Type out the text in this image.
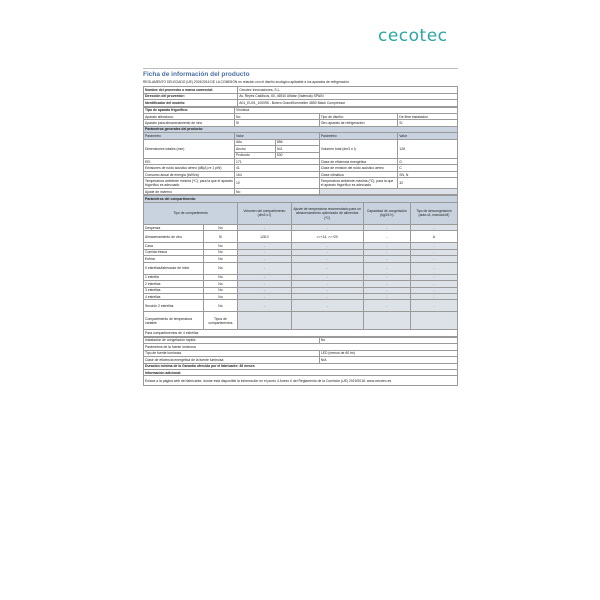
cecotec
Ficha de información del producto
REGLAMENTO DELEGADO (UE) 2019/2016 DE LA COMISIÓN en relación con el diseño ecológico aplicable a los aparatos de refrigeración.
Nombre del proveedor o marca comercial:	Cecotec Innovaciones, S.L.
Dirección del proveedor:	Av. Reyes Católicos, 60, 46910 Alfafar (Valencia) SPAIN
Identificador del modelo:	A01_EU01_100095 - Bolero GrandSommelier 4850 Black Compressor
Tipo de aparato frigorífico:	Vinoteca			
Aparato silencioso:	No		Tipo de diseño:	De libre instalación
Aparato para almacenamiento de vino	Sí		Otro aparato de refrigeración:	Sí
Parámetros generales del producto:				
Parámetro	Valor		Parámetro	Valor
Dimensiones totales (mm)	Alto	856	Volumen total (dm3 o l)	128
	Ancho	541		
	Profundo	530		
EEI	171		Clase de eficiencia energética	G
Emisiones de ruido acústico aéreo (dB(A) re 1 pW)	41		Clase de emisión del ruido acústico aéreo	C
Consumo anual de energía (kWh/a)	164		Clase climática	SN, N
Temperatura ambiente mínima (ºC), para la que el aparato frigorífico es adecuado	10		Temperatura ambiente máxima (ºC), para la que el aparato frigorífico es adecuado	32
Ajuste de invierno	No			
Parámetros del compartimento:					
Tipo de compartimento		Volumen del compartimento (dm3 o l)	Ajuste de temperatura recomendado para un almacenamiento optimizado de alimentos (ºC)	Capacidad de congelación (kg/24 h)	Tipo de descongelación (auto=A, manual=M)
Despensa	No	-	-	-	-
Almacenamiento de vino	Sí	128.0	<=+14, >=+20	-	A
Cava	No	-	-	-	-
Comida fresca	No	-	-	-	-
Enfriar	No	-	-	-	-
0 estrellas/fabricador de hielo	No	-	-	-	-
1 estrella	No	-	-	-	-
2 estrellas	No	-	-	-	-
3 estrellas	No	-	-	-	-
4 estrellas	No	-	-	-	-
Sección 2 estrellas	No	-	-	-	-
Compartimento de temperatura variable	Tipos de compartimentos				
Para compartimentos de 4 estrellas					
Instalación de congelación rápida	No
Parámetros de la fuente luminosa	
Tipo de fuente luminosa	LED (menos de 60 lm)
Clase de eficiencia energética de la fuente luminosa	N/A
Duración mínima de la Garantía ofrecida por el fabricante: 36 meses	
Información adicional:	
Enlace a la página web del fabricante, donde está disponible la información en el punto 4 Anexo II del Reglamento de la Comisión (UE) 2019/2016: www.cecotec.es	
